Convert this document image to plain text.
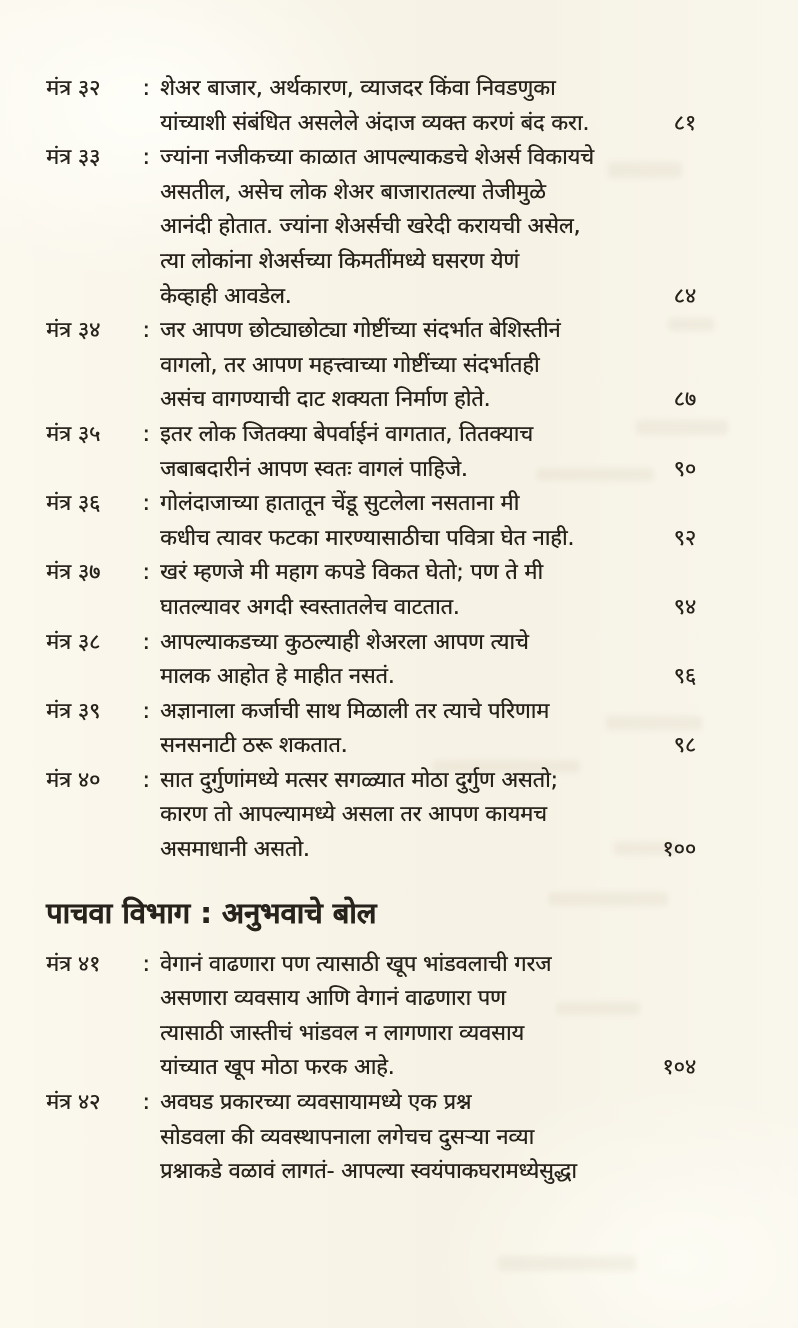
मंत्र ३२	: शेअर बाजार, अर्थकारण, व्याजदर किंवा निवडणुका
यांच्याशी संबंधित असलेले अंदाज व्यक्त करणं बंद करा.	८१
मंत्र ३३	: ज्यांना नजीकच्या काळात आपल्याकडचे शेअर्स विकायचे
असतील, असेच लोक शेअर बाजारातल्या तेजीमुळे
आनंदी होतात. ज्यांना शेअर्सची खरेदी करायची असेल,
त्या लोकांना शेअर्सच्या किमतींमध्ये घसरण येणं
केव्हाही आवडेल.	८४
मंत्र ३४	: जर आपण छोट्याछोट्या गोष्टींच्या संदर्भात बेशिस्तीनं
वागलो, तर आपण महत्त्वाच्या गोष्टींच्या संदर्भातही
असंच वागण्याची दाट शक्यता निर्माण होते.	८७
मंत्र ३५	: इतर लोक जितक्या बेपर्वाईनं वागतात, तितक्याच
जबाबदारीनं आपण स्वतः वागलं पाहिजे.	९०
मंत्र ३६	: गोलंदाजाच्या हातातून चेंडू सुटलेला नसताना मी
कधीच त्यावर फटका मारण्यासाठीचा पवित्रा घेत नाही.	९२
मंत्र ३७	: खरं म्हणजे मी महाग कपडे विकत घेतो; पण ते मी
घातल्यावर अगदी स्वस्तातलेच वाटतात.	९४
मंत्र ३८	: आपल्याकडच्या कुठल्याही शेअरला आपण त्याचे
मालक आहोत हे माहीत नसतं.	९६
मंत्र ३९	: अज्ञानाला कर्जाची साथ मिळाली तर त्याचे परिणाम
सनसनाटी ठरू शकतात.	९८
मंत्र ४०	: सात दुर्गुणांमध्ये मत्सर सगळ्यात मोठा दुर्गुण असतो;
कारण तो आपल्यामध्ये असला तर आपण कायमच
असमाधानी असतो.	१००
पाचवा विभाग : अनुभवाचे बोल
मंत्र ४१	: वेगानं वाढणारा पण त्यासाठी खूप भांडवलाची गरज
असणारा व्यवसाय आणि वेगानं वाढणारा पण
त्यासाठी जास्तीचं भांडवल न लागणारा व्यवसाय
यांच्यात खूप मोठा फरक आहे.	१०४
मंत्र ४२	: अवघड प्रकारच्या व्यवसायामध्ये एक प्रश्न
सोडवला की व्यवस्थापनाला लगेचच दुसऱ्या नव्या
प्रश्नाकडे वळावं लागतं- आपल्या स्वयंपाकघरामध्येसुद्धा
